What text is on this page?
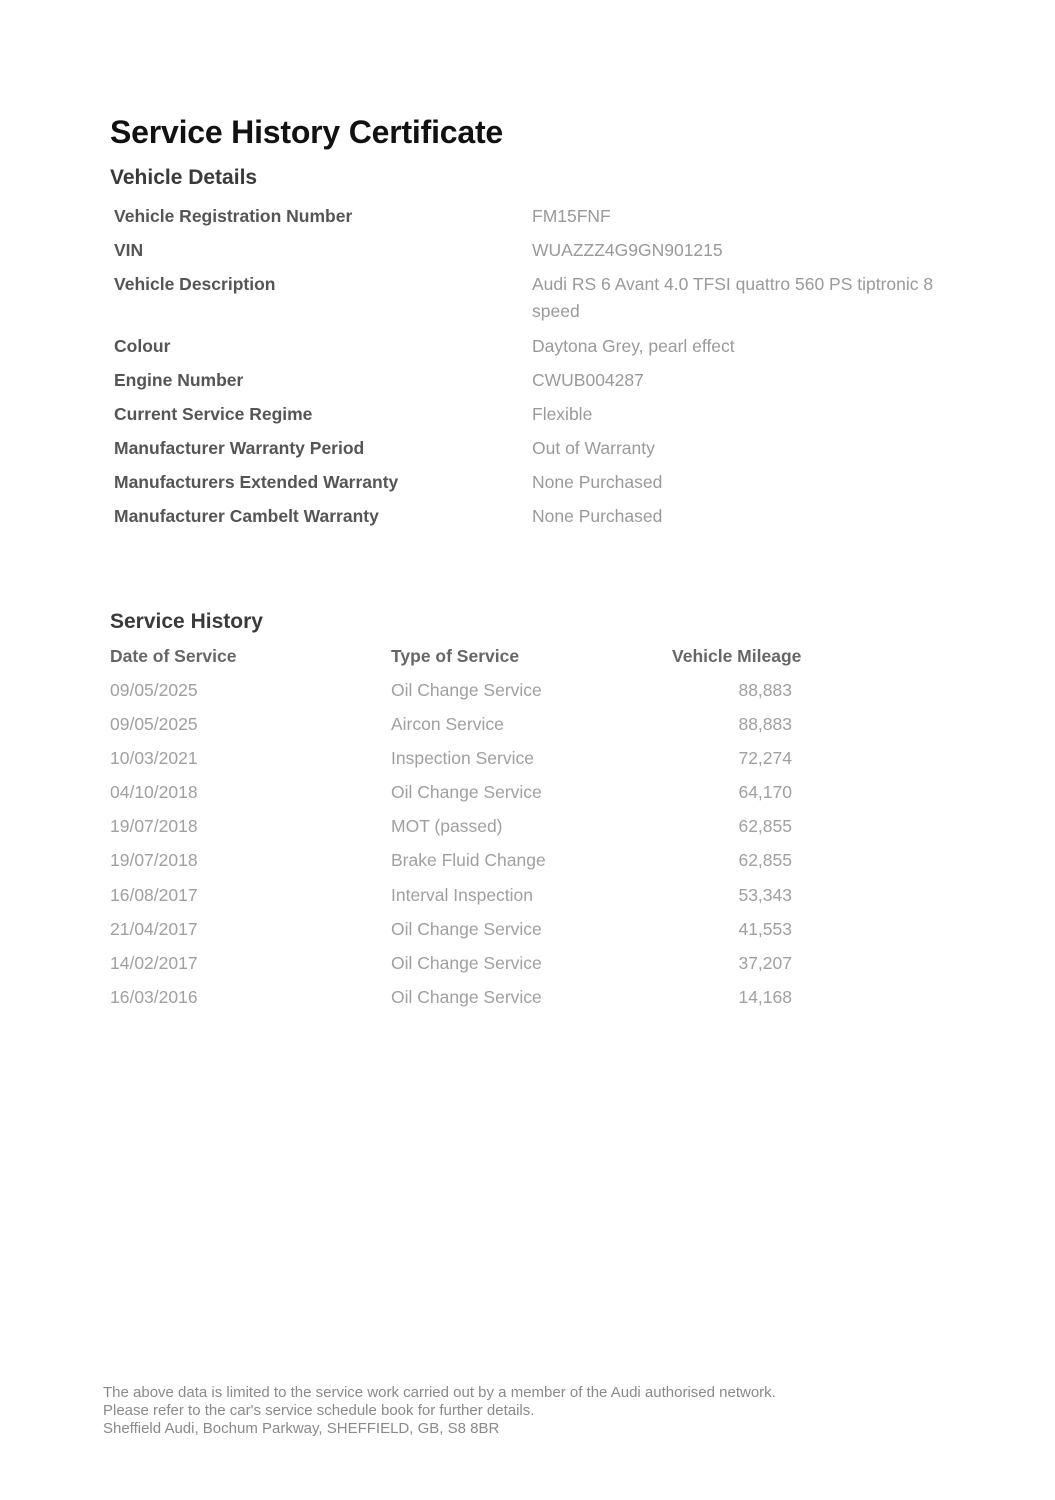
Service History Certificate
Vehicle Details
Vehicle Registration Number	FM15FNF
VIN	WUAZZZ4G9GN901215
Vehicle Description	Audi RS 6 Avant 4.0 TFSI quattro 560 PS tiptronic 8 speed
Colour	Daytona Grey, pearl effect
Engine Number	CWUB004287
Current Service Regime	Flexible
Manufacturer Warranty Period	Out of Warranty
Manufacturers Extended Warranty	None Purchased
Manufacturer Cambelt Warranty	None Purchased
Service History
Date of Service	Type of Service	Vehicle Mileage
09/05/2025	Oil Change Service	88,883
09/05/2025	Aircon Service	88,883
10/03/2021	Inspection Service	72,274
04/10/2018	Oil Change Service	64,170
19/07/2018	MOT (passed)	62,855
19/07/2018	Brake Fluid Change	62,855
16/08/2017	Interval Inspection	53,343
21/04/2017	Oil Change Service	41,553
14/02/2017	Oil Change Service	37,207
16/03/2016	Oil Change Service	14,168
The above data is limited to the service work carried out by a member of the Audi authorised network.
Please refer to the car's service schedule book for further details.
Sheffield Audi, Bochum Parkway, SHEFFIELD, GB, S8 8BR
